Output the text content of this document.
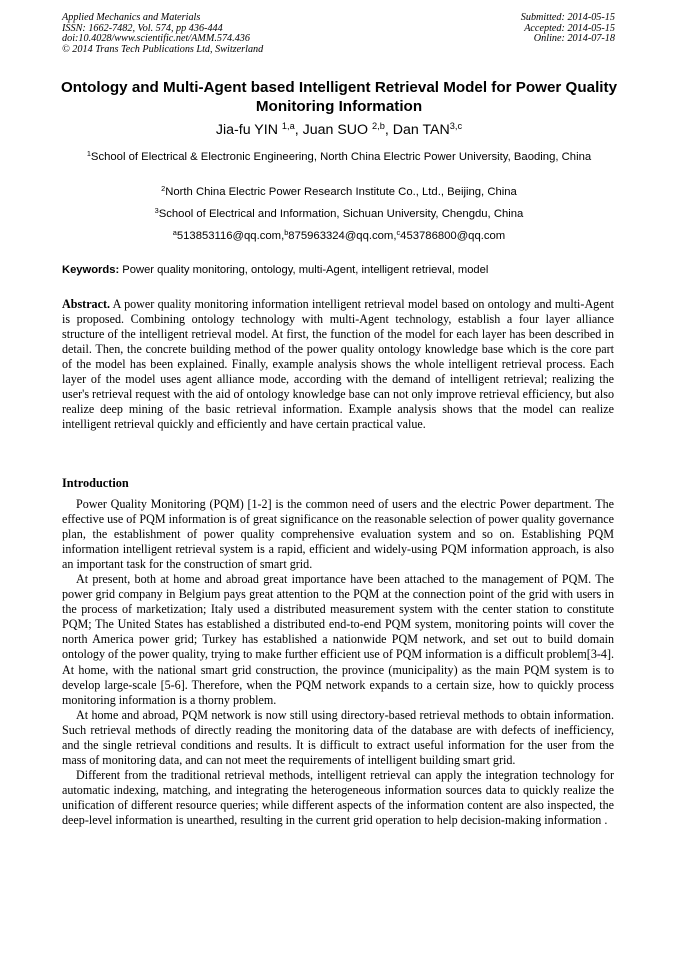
Applied Mechanics and Materials
ISSN: 1662-7482, Vol. 574, pp 436-444
doi:10.4028/www.scientific.net/AMM.574.436
© 2014 Trans Tech Publications Ltd, Switzerland
Submitted: 2014-05-15
Accepted: 2014-05-15
Online: 2014-07-18
Ontology and Multi-Agent based Intelligent Retrieval Model for Power Quality Monitoring Information
Jia-fu YIN $^{1,a}$, Juan SUO $^{2,b}$, Dan TAN$^{3,c}$
$^1$School of Electrical & Electronic Engineering, North China Electric Power University, Baoding, China
$^2$North China Electric Power Research Institute Co., Ltd., Beijing, China
$^3$School of Electrical and Information, Sichuan University, Chengdu, China
$^a$513853116@qq.com,$^b$875963324@qq.com,$^c$453786800@qq.com
Keywords: Power quality monitoring, ontology, multi-Agent, intelligent retrieval, model

Abstract. A power quality monitoring information intelligent retrieval model based on ontology and multi-Agent is proposed. Combining ontology technology with multi-Agent technology, establish a four layer alliance structure of the intelligent retrieval model. At first, the function of the model for each layer has been described in detail. Then, the concrete building method of the power quality ontology knowledge base which is the core part of the model has been explained. Finally, example analysis shows the whole intelligent retrieval process. Each layer of the model uses agent alliance mode, according with the demand of intelligent retrieval; realizing the user's retrieval request with the aid of ontology knowledge base can not only improve retrieval efficiency, but also realize deep mining of the basic retrieval information. Example analysis shows that the model can realize intelligent retrieval quickly and efficiently and have certain practical value.

Introduction

Power Quality Monitoring (PQM) [1-2] is the common need of users and the electric Power department. The effective use of PQM information is of great significance on the reasonable selection of power quality governance plan, the establishment of power quality comprehensive evaluation system and so on. Establishing PQM information intelligent retrieval system is a rapid, efficient and widely-using PQM information approach, is also an important task for the construction of smart grid.

At present, both at home and abroad great importance have been attached to the management of PQM. The power grid company in Belgium pays great attention to the PQM at the connection point of the grid with users in the process of marketization; Italy used a distributed measurement system with the center station to constitute PQM; The United States has established a distributed end-to-end PQM system, monitoring points will cover the north America power grid; Turkey has established a nationwide PQM network, and set out to build domain ontology of the power quality, trying to make further efficient use of PQM information is a difficult problem[3-4]. At home, with the national smart grid construction, the province (municipality) as the main PQM system is to develop large-scale [5-6]. Therefore, when the PQM network expands to a certain size, how to quickly process monitoring information is a thorny problem.

At home and abroad, PQM network is now still using directory-based retrieval methods to obtain information. Such retrieval methods of directly reading the monitoring data of the database are with defects of inefficiency, and the single retrieval conditions and results. It is difficult to extract useful information for the user from the mass of monitoring data, and can not meet the requirements of intelligent building smart grid.

Different from the traditional retrieval methods, intelligent retrieval can apply the integration technology for automatic indexing, matching, and integrating the heterogeneous information sources data to quickly realize the unification of different resource queries; while different aspects of the information content are also inspected, the deep-level information is unearthed, resulting in the current grid operation to help decision-making information .
